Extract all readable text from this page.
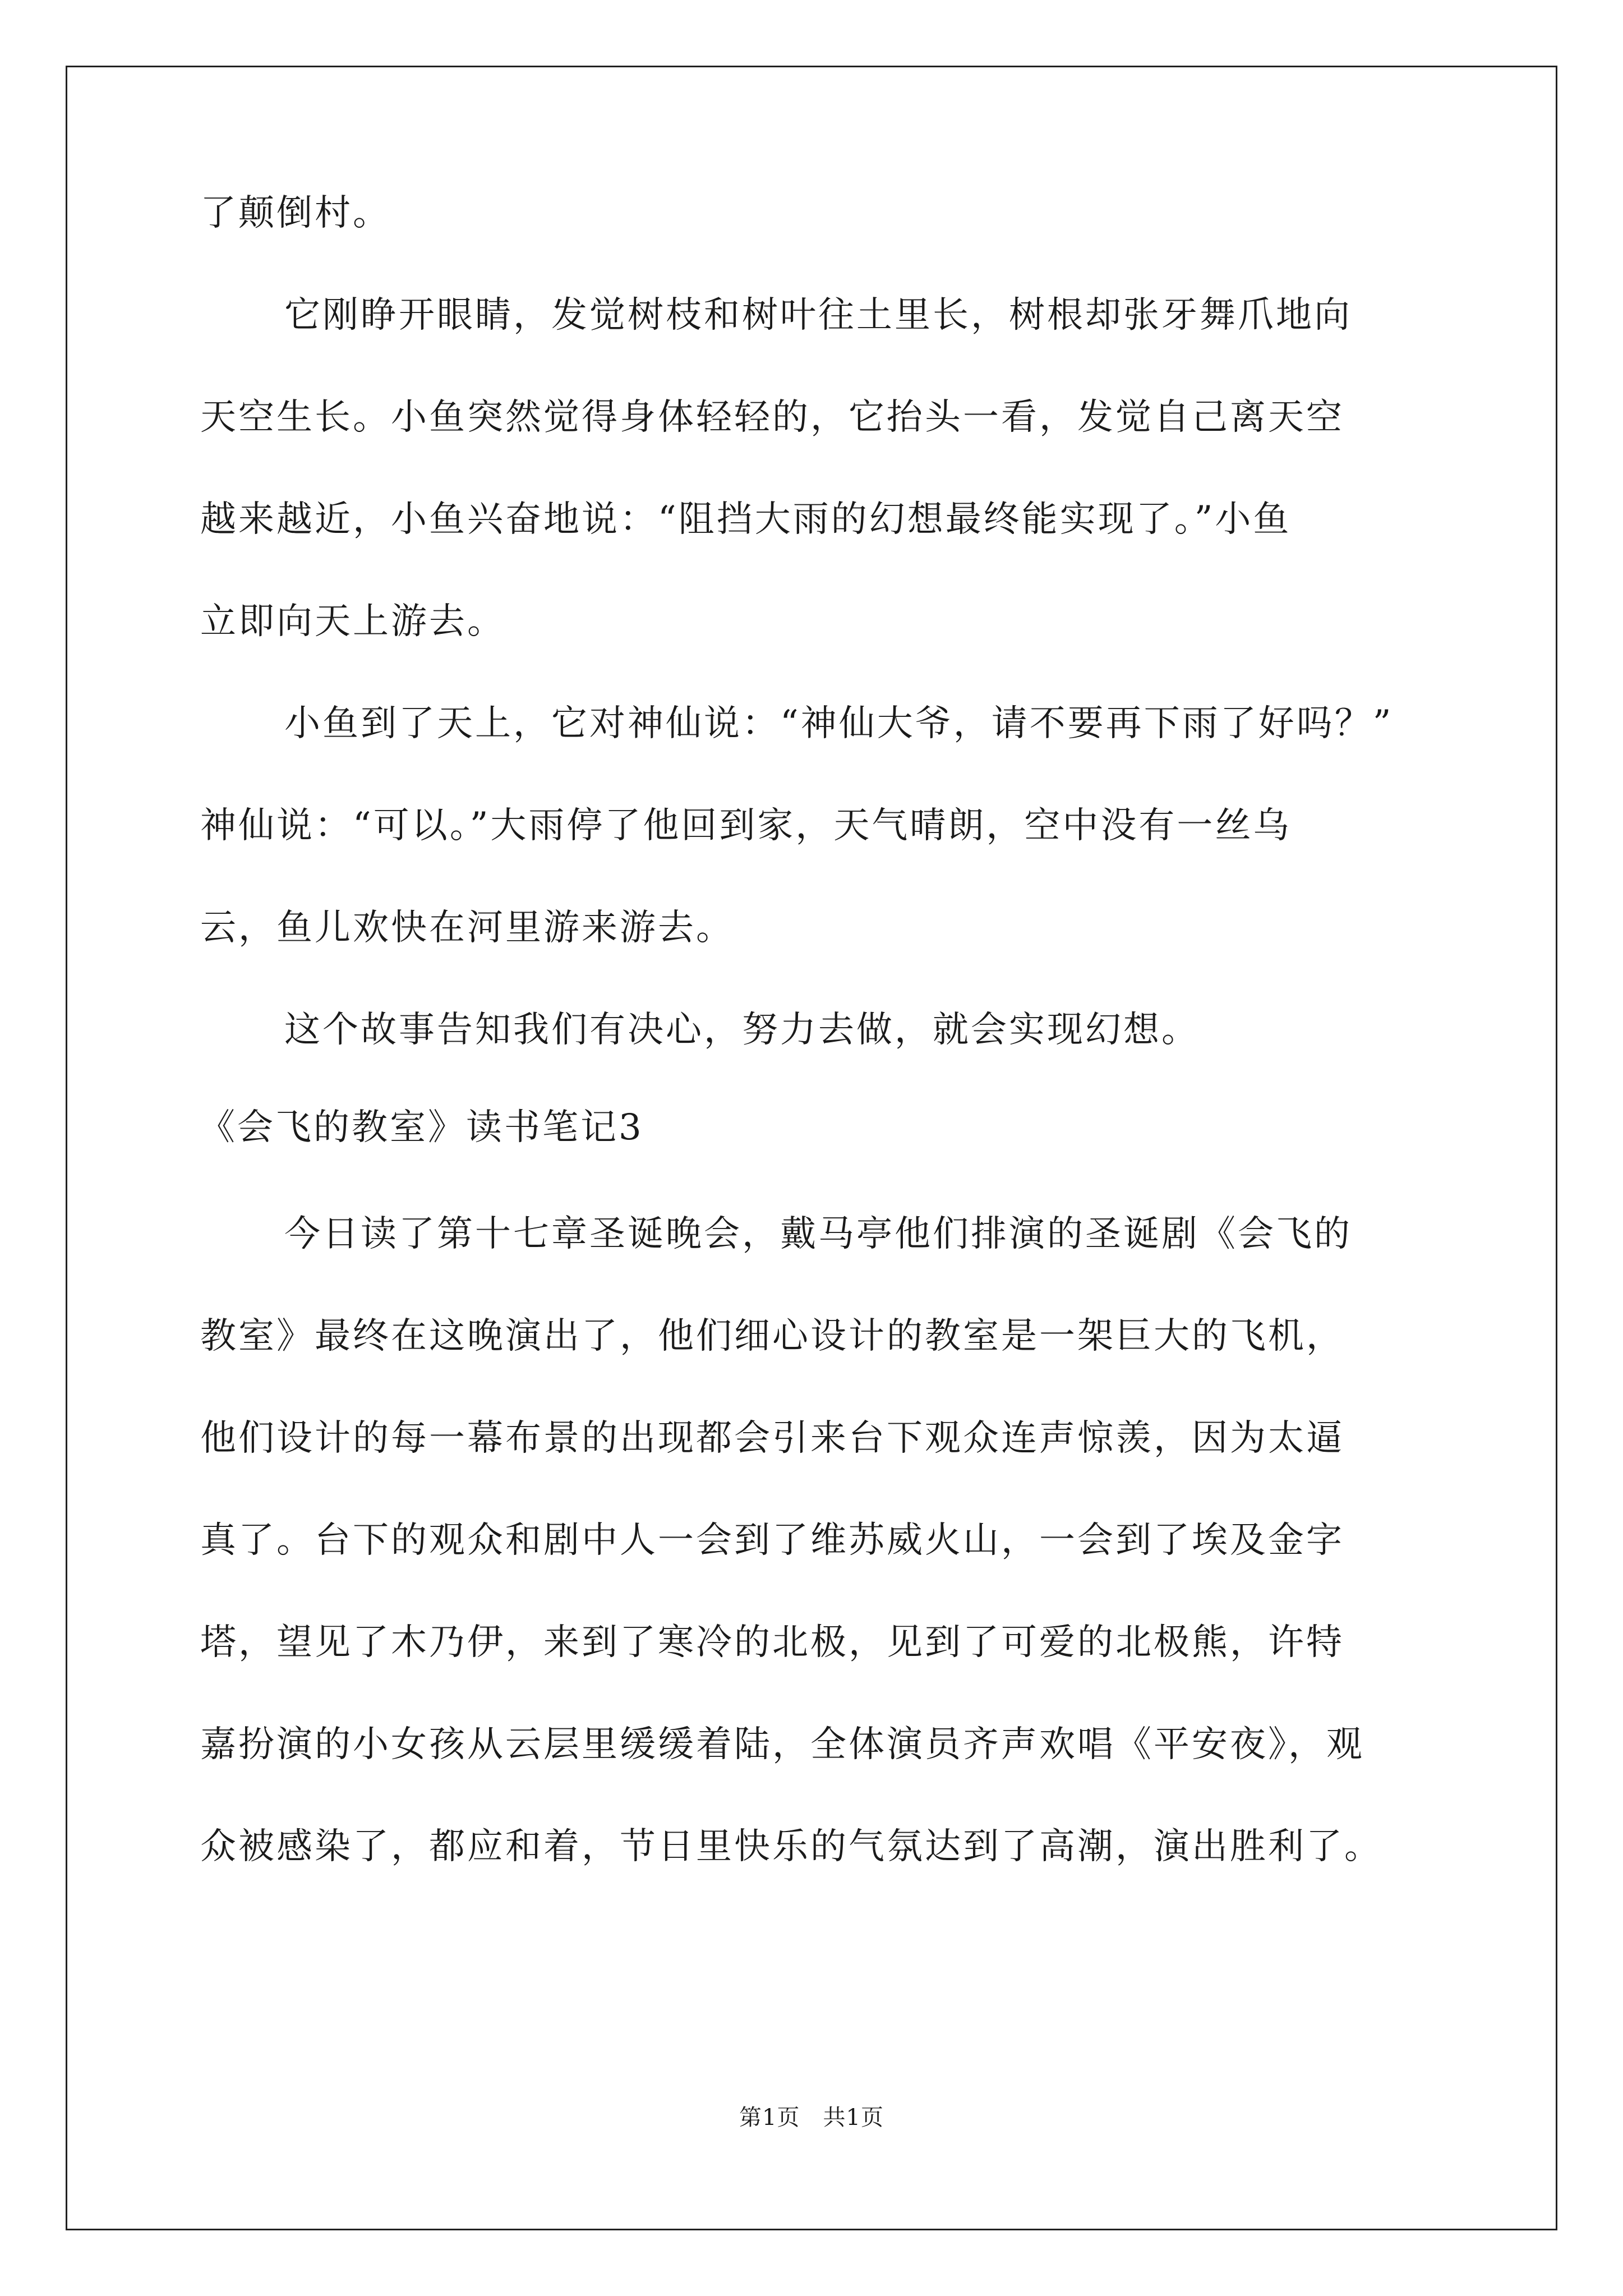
了颠倒村。
它刚睁开眼睛，发觉树枝和树叶往土里长，树根却张牙舞爪地向
天空生长。小鱼突然觉得身体轻轻的，它抬头一看，发觉自己离天空
越来越近，小鱼兴奋地说：“阻挡大雨的幻想最终能实现了。”小鱼
立即向天上游去。
小鱼到了天上，它对神仙说：“神仙大爷，请不要再下雨了好吗？”
神仙说：“可以。”大雨停了他回到家，天气晴朗，空中没有一丝乌
云，鱼儿欢快在河里游来游去。
这个故事告知我们有决心，努力去做，就会实现幻想。
《会飞的教室》读书笔记3
今日读了第十七章圣诞晚会，戴马亭他们排演的圣诞剧《会飞的
教室》最终在这晚演出了，他们细心设计的教室是一架巨大的飞机，
他们设计的每一幕布景的出现都会引来台下观众连声惊羡，因为太逼
真了。台下的观众和剧中人一会到了维苏威火山，一会到了埃及金字
塔，望见了木乃伊，来到了寒冷的北极，见到了可爱的北极熊，许特
嘉扮演的小女孩从云层里缓缓着陆，全体演员齐声欢唱《平安夜》，观
众被感染了，都应和着，节日里快乐的气氛达到了高潮，演出胜利了。
第1页　共1页
